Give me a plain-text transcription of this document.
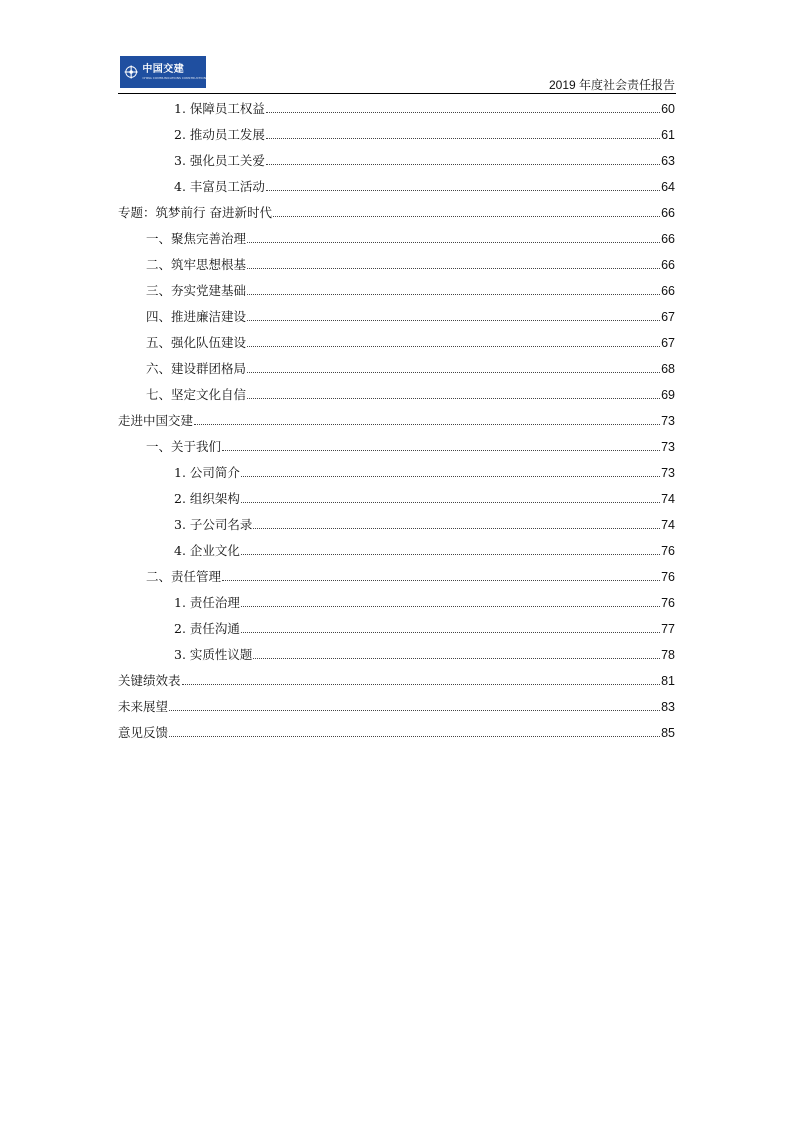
中国交建
CHINA COMMUNICATIONS CONSTRUCTION
2019 年度社会责任报告
1. 保障员工权益	60
2. 推动员工发展	61
3. 强化员工关爱	63
4. 丰富员工活动	64
专题：筑梦前行 奋进新时代	66
一、聚焦完善治理	66
二、筑牢思想根基	66
三、夯实党建基础	66
四、推进廉洁建设	67
五、强化队伍建设	67
六、建设群团格局	68
七、坚定文化自信	69
走进中国交建	73
一、关于我们	73
1. 公司简介	73
2. 组织架构	74
3. 子公司名录	74
4. 企业文化	76
二、责任管理	76
1. 责任治理	76
2. 责任沟通	77
3. 实质性议题	78
关键绩效表	81
未来展望	83
意见反馈	85
